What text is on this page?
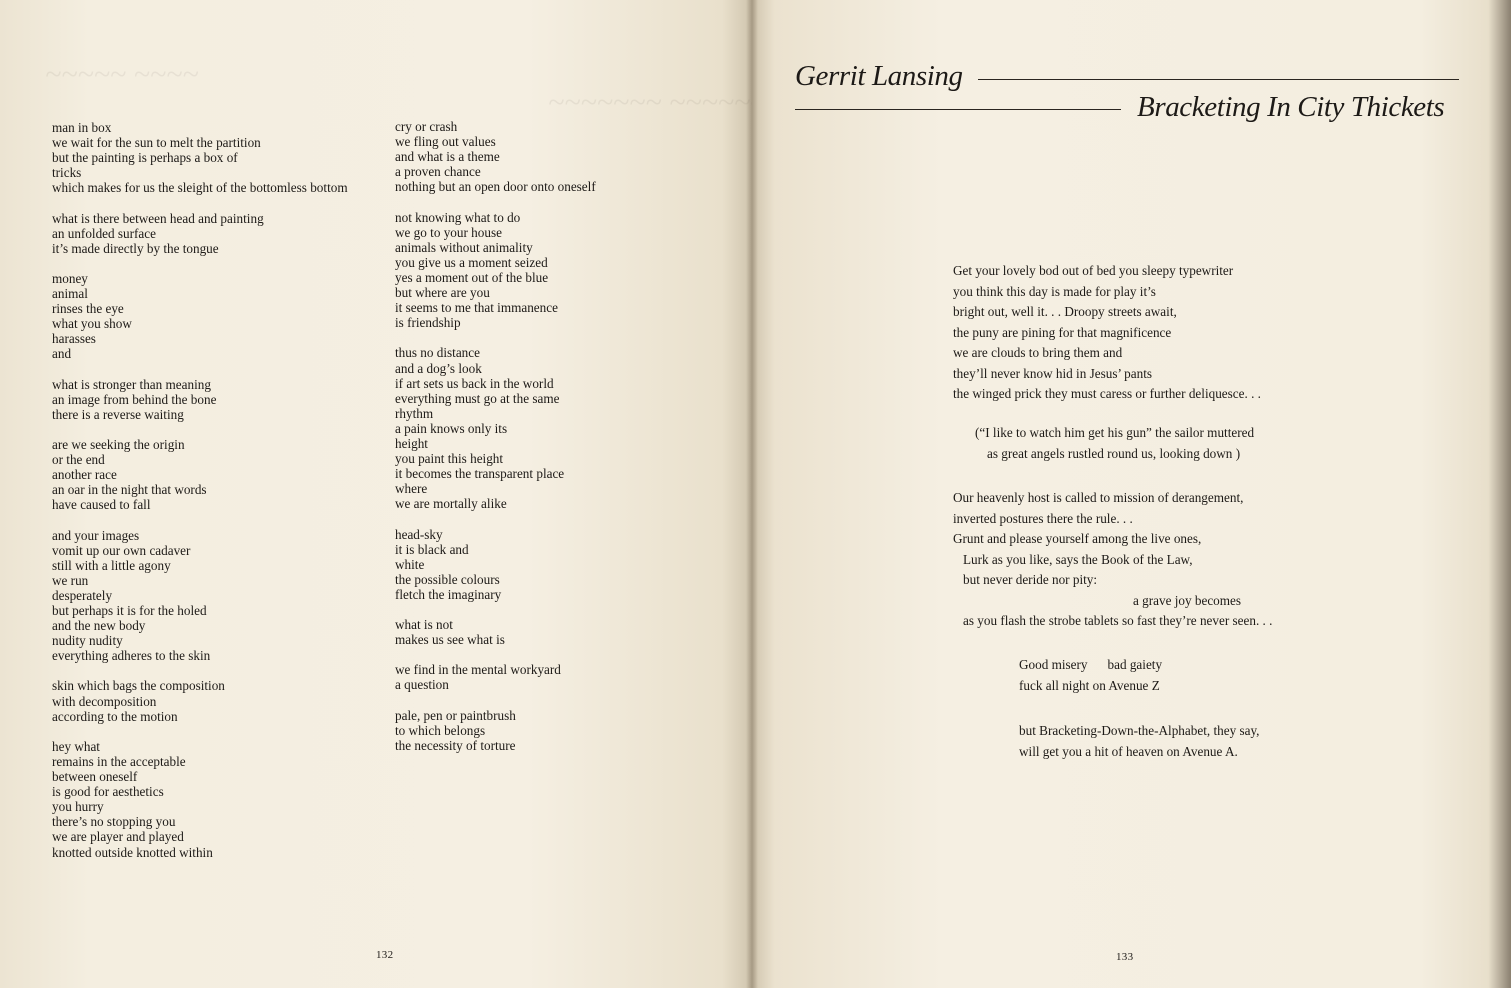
~~~~~ ~~~~
~~~~~~~ ~~~~~~
man in box
we wait for the sun to melt the partition
but the painting is perhaps a box of
tricks
which makes for us the sleight of the bottomless bottom
what is there between head and painting
an unfolded surface
it’s made directly by the tongue
money
animal
rinses the eye
what you show
harasses
and
what is stronger than meaning
an image from behind the bone
there is a reverse waiting
are we seeking the origin
or the end
another race
an oar in the night that words
have caused to fall
and your images
vomit up our own cadaver
still with a little agony
we run
desperately
but perhaps it is for the holed
and the new body
nudity nudity
everything adheres to the skin
skin which bags the composition
with decomposition
according to the motion
hey what
remains in the acceptable
between oneself
is good for aesthetics
you hurry
there’s no stopping you
we are player and played
knotted outside knotted within
cry or crash
we fling out values
and what is a theme
a proven chance
nothing but an open door onto oneself
not knowing what to do
we go to your house
animals without animality
you give us a moment seized
yes a moment out of the blue
but where are you
it seems to me that immanence
is friendship
thus no distance
and a dog’s look
if art sets us back in the world
everything must go at the same
rhythm
a pain knows only its
height
you paint this height
it becomes the transparent place
where
we are mortally alike
head-sky
it is black and
white
the possible colours
fletch the imaginary
what is not
makes us see what is
we find in the mental workyard
a question
pale, pen or paintbrush
to which belongs
the necessity of torture
132
Gerrit Lansing
Bracketing In City Thickets
Get your lovely bod out of bed you sleepy typewriter
you think this day is made for play it’s
bright out, well it. . . Droopy streets await,
the puny are pining for that magnificence
we are clouds to bring them and
they’ll never know hid in Jesus’ pants
the winged prick they must caress or further deliquesce. . .
(“I like to watch him get his gun” the sailor muttered
as great angels rustled round us, looking down )
Our heavenly host is called to mission of derangement,
inverted postures there the rule. . .
Grunt and please yourself among the live ones,
Lurk as you like, says the Book of the Law,
but never deride nor pity:
a grave joy becomes
as you flash the strobe tablets so fast they’re never seen. . .
Good misery bad gaiety
fuck all night on Avenue Z
but Bracketing-Down-the-Alphabet, they say,
will get you a hit of heaven on Avenue A.
133
